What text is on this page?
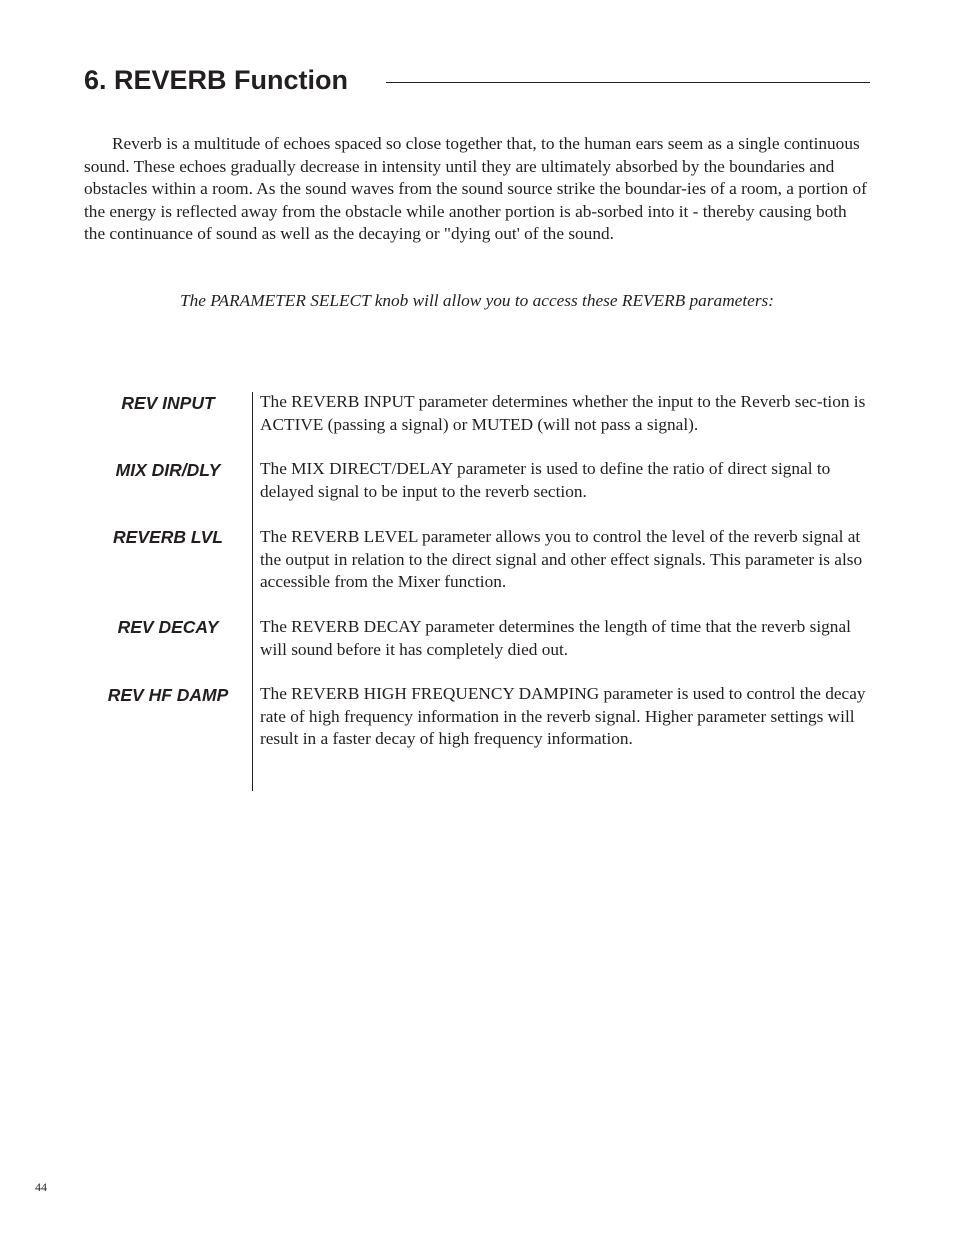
6. REVERB Function

Reverb is a multitude of echoes spaced so close together that, to the human ears seem as a single continuous sound. These echoes gradually decrease in intensity until they are ultimately absorbed by the boundaries and obstacles within a room. As the sound waves from the sound source strike the boundar-ies of a room, a portion of the energy is reflected away from the obstacle while another portion is ab-sorbed into it - thereby causing both the continuance of sound as well as the decaying or "dying out' of the sound.

The PARAMETER SELECT knob will allow you to access these REVERB parameters:

REV INPUT	The REVERB INPUT parameter determines whether the input to the Reverb sec-tion is ACTIVE (passing a signal) or MUTED (will not pass a signal).

MIX DIR/DLY	The MIX DIRECT/DELAY parameter is used to define the ratio of direct signal to delayed signal to be input to the reverb section.

REVERB LVL	The REVERB LEVEL parameter allows you to control the level of the reverb signal at the output in relation to the direct signal and other effect signals. This parameter is also accessible from the Mixer function.

REV DECAY	The REVERB DECAY parameter determines the length of time that the reverb signal will sound before it has completely died out.

REV HF DAMP	The REVERB HIGH FREQUENCY DAMPING parameter is used to control the decay rate of high frequency information in the reverb signal. Higher parameter settings will result in a faster decay of high frequency information.

44
